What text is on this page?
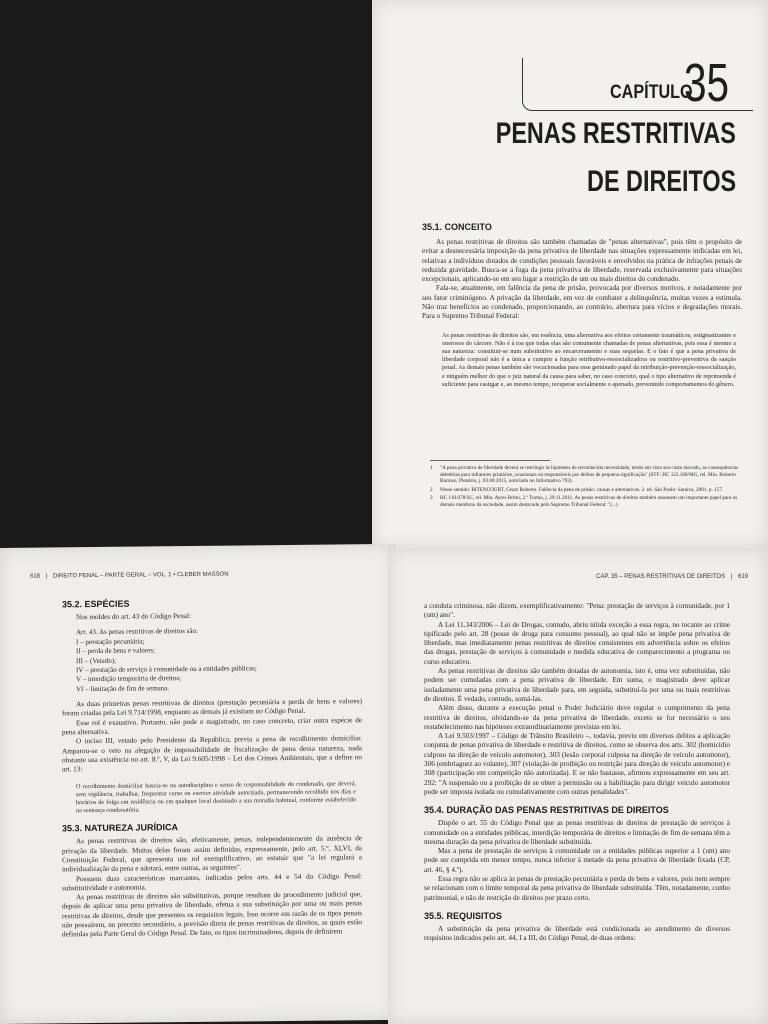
CAPÍTULO
35
PENAS RESTRITIVAS
DE DIREITOS
35.1. CONCEITO

As penas restritivas de direitos são também chamadas de "penas alternativas", pois têm o propósito de evitar a desnecessária imposição da pena privativa de liberdade nas situações expressamente indicadas em lei, relativas a indivíduos dotados de condições pessoais favoráveis e envolvidos na prática de infrações penais de reduzida gravidade. Busca-se a fuga da pena privativa de liberdade, reservada exclusivamente para situações excepcionais, aplicando-se em seu lugar a restrição de um ou mais direitos do condenado.

Fala-se, atualmente, em falência da pena de prisão, provocada por diversos motivos, e notadamente por seu fator criminógeno. A privação da liberdade, em vez de combater a delinquência, muitas vezes a estimula. Não traz benefícios ao condenado, proporcionando, ao contrário, abertura para vícios e degradações morais. Para o Supremo Tribunal Federal:

As penas restritivas de direitos são, em essência, uma alternativa aos efeitos certamente traumáticos, estigmatizantes e onerosos do cárcere. Não é à toa que todas elas são comumente chamadas de penas alternativas, pois essa é mesmo a sua natureza: constituir-se num substitutivo ao encarceramento e suas sequelas. E o fato é que a pena privativa de liberdade corporal não é a única a cumprir a função retributivo-ressocializadora ou restritivo-preventiva da sanção penal. As demais penas também são vocacionadas para esse geminado papel da retribuição-prevenção-ressocialização, e ninguém melhor do que o juiz natural da causa para saber, no caso concreto, qual o tipo alternativo de reprimenda é suficiente para castigar e, ao mesmo tempo, recuperar socialmente o apenado, prevenindo comportamentos do gênero.

1	"A pena privativa de liberdade deverá se restringir às hipóteses de reconhecida necessidade, tendo em vista seu custo elevado, as consequências deletérias para infratores primários, ocasionais ou responsáveis por delitos de pequena significação" (STF: HC 123.108/MG, rel. Min. Roberto Barroso, Plenário, j. 03.08.2015, noticiado no Informativo 793).
2	Nesse sentido: BITENCOURT, Cezar Roberto. Falência da pena de prisão: causas e alternativas. 2. ed. São Paulo: Saraiva, 2001. p. 157.
3	HC 110.078/SC, rel. Min. Ayres Britto, 2.ª Turma, j. 29.11.2011. As penas restritivas de direitos também assumem um importante papel para os demais membros da sociedade, assim destacado pelo Supremo Tribunal Federal: "(...)
618 | DIREITO PENAL – PARTE GERAL – VOL. 1 • CLEBER MASSON
35.2. ESPÉCIES

Nos moldes do art. 43 do Código Penal:

Art. 43. As penas restritivas de direitos são:
I – prestação pecuniária;
II – perda de bens e valores;
III – (Vetado);
IV – prestação de serviço à comunidade ou a entidades públicas;
V – interdição temporária de direitos;
VI – limitação de fim de semana.

As duas primeiras penas restritivas de direitos (prestação pecuniária e perda de bens e valores) foram criadas pela Lei 9.714/1998, enquanto as demais já existiam no Código Penal.

Esse rol é exaustivo. Portanto, não pode o magistrado, no caso concreto, criar outra espécie de pena alternativa.

O inciso III, vetado pelo Presidente da República, previa a pena de recolhimento domiciliar. Amparou-se o veto na alegação de impossibilidade de fiscalização de pena dessa natureza, nada obstante sua existência no art. 8.º, V, da Lei 9.605/1998 – Lei dos Crimes Ambientais, que a define no art. 13:

O recolhimento domiciliar baseia-se na autodisciplina e senso de responsabilidade do condenado, que deverá, sem vigilância, trabalhar, frequentar curso ou exercer atividade autorizada, permanecendo recolhido nos dias e horários de folga em residência ou em qualquer local destinado a sua moradia habitual, conforme estabelecido na sentença condenatória.

35.3. NATUREZA JURÍDICA

As penas restritivas de direitos são, efetivamente, penas, independentemente da ausência de privação da liberdade. Muitas delas foram assim definidas, expressamente, pelo art. 5.º, XLVI, da Constituição Federal, que apresenta um rol exemplificativo, ao estatuir que "a lei regulará a individualização da pena e adotará, entre outras, as seguintes".

Possuem duas características marcantes, indicadas pelos arts. 44 e 54 do Código Penal: substitutividade e autonomia.

As penas restritivas de direitos são substitutivas, porque resultam do procedimento judicial que, depois de aplicar uma pena privativa de liberdade, efetua a sua substituição por uma ou mais penas restritivas de direitos, desde que presentes os requisitos legais. Isso ocorre em razão de os tipos penais não possuírem, no preceito secundário, a previsão direta de penas restritivas de direitos, as quais estão definidas pela Parte Geral do Código Penal. De fato, os tipos incriminadores, depois de definirem

CAP. 35 – PENAS RESTRITIVAS DE DIREITOS | 619

a conduta criminosa, não dizem, exemplificativamente: "Pena: prestação de serviços à comunidade, por 1 (um) ano".

A Lei 11.343/2006 – Lei de Drogas, contudo, abriu nítida exceção a essa regra, no tocante ao crime tipificado pelo art. 28 (posse de droga para consumo pessoal), ao qual não se impõe pena privativa de liberdade, mas imediatamente penas restritivas de direitos consistentes em advertência sobre os efeitos das drogas, prestação de serviços à comunidade e medida educativa de comparecimento a programa ou curso educativo.

As penas restritivas de direitos são também dotadas de autonomia, isto é, uma vez substituídas, não podem ser cumuladas com a pena privativa de liberdade. Em suma, o magistrado deve aplicar isoladamente uma pena privativa de liberdade para, em seguida, substituí-la por uma ou mais restritivas de direitos. É vedado, contudo, somá-las.

Além disso, durante a execução penal o Poder Judiciário deve regular o cumprimento da pena restritiva de direitos, olvidando-se da pena privativa de liberdade, exceto se for necessário o seu restabelecimento nas hipóteses extraordinariamente previstas em lei.

A Lei 9.503/1997 – Código de Trânsito Brasileiro –, todavia, previu em diversos delitos a aplicação conjunta de penas privativa de liberdade e restritiva de direitos, como se observa dos arts. 302 (homicídio culposo na direção de veículo automotor), 303 (lesão corporal culposa na direção de veículo automotor), 306 (embriaguez ao volante), 307 (violação de proibição ou restrição para direção de veículo automotor) e 308 (participação em competição não autorizada). E se não bastasse, afirmou expressamente em seu art. 292: "A suspensão ou a proibição de se obter a permissão ou a habilitação para dirigir veículo automotor pode ser imposta isolada ou cumulativamente com outras penalidades".

35.4. DURAÇÃO DAS PENAS RESTRITIVAS DE DIREITOS

Dispõe o art. 55 do Código Penal que as penas restritivas de direitos de prestação de serviços à comunidade ou a entidades públicas, interdição temporária de direitos e limitação de fim de semana têm a mesma duração da pena privativa de liberdade substituída.

Mas a pena de prestação de serviços à comunidade ou a entidades públicas superior a 1 (um) ano pode ser cumprida em menor tempo, nunca inferior à metade da pena privativa de liberdade fixada (CP, art. 46, § 4.º).

Essa regra não se aplica às penas de prestação pecuniária e perda de bens e valores, pois nem sempre se relacionam com o limite temporal da pena privativa de liberdade substituída. Têm, notadamente, cunho patrimonial, e não de restrição de direitos por prazo certo.

35.5. REQUISITOS

A substituição da pena privativa de liberdade está condicionada ao atendimento de diversos requisitos indicados pelo art. 44, I a III, do Código Penal, de duas ordens:
